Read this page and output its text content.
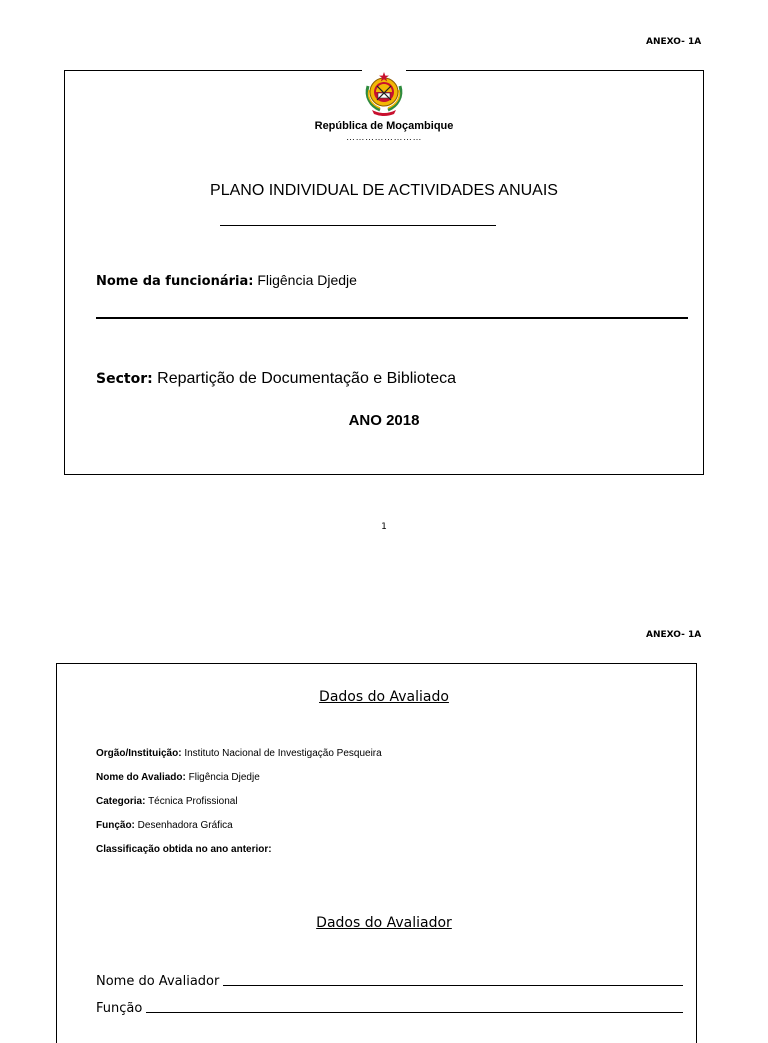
ANEXO- 1A
República de Moçambique
……………………
PLANO INDIVIDUAL DE ACTIVIDADES ANUAIS
Nome da funcionária: Fligência Djedje
Sector: Repartição de Documentação e Biblioteca
ANO 2018
1
ANEXO- 1A
Dados do Avaliado
Orgão/Instituição: Instituto Nacional de Investigação Pesqueira
Nome do Avaliado: Fligência Djedje
Categoria: Técnica Profissional
Função: Desenhadora Gráfica
Classificação obtida no ano anterior:
Dados do Avaliador
Nome do Avaliador
Função
